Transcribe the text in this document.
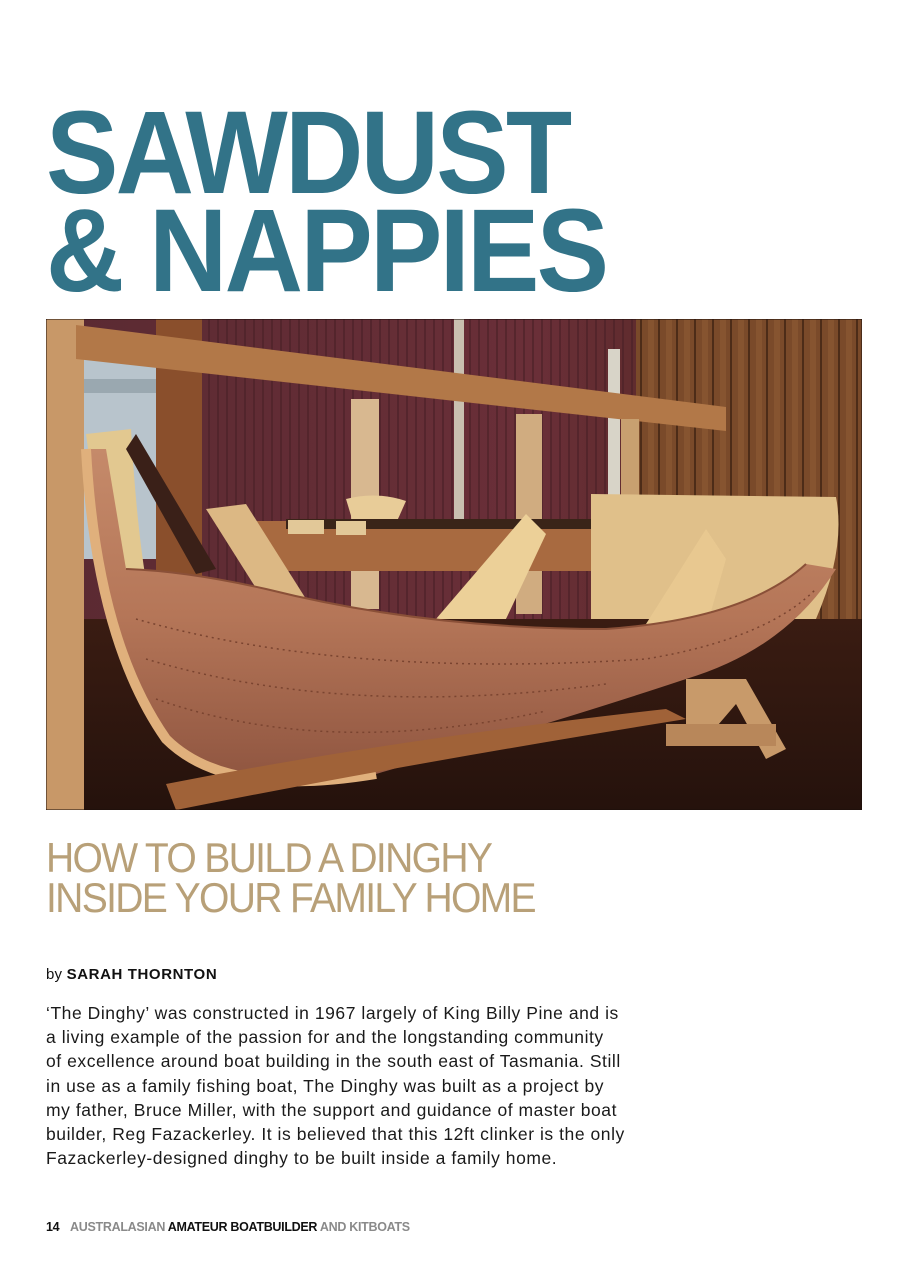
SAWDUST
& NAPPIES
HOW TO BUILD A DINGHY
INSIDE YOUR FAMILY HOME
by SARAH THORNTON

‘The Dinghy’ was constructed in 1967 largely of King Billy Pine and is
a living example of the passion for and the longstanding community
of excellence around boat building in the south east of Tasmania. Still
in use as a family fishing boat, The Dinghy was built as a project by
my father, Bruce Miller, with the support and guidance of master boat
builder, Reg Fazackerley. It is believed that this 12ft clinker is the only
Fazackerley-designed dinghy to be built inside a family home.

14 AUSTRALASIAN AMATEUR BOATBUILDER AND KITBOATS
